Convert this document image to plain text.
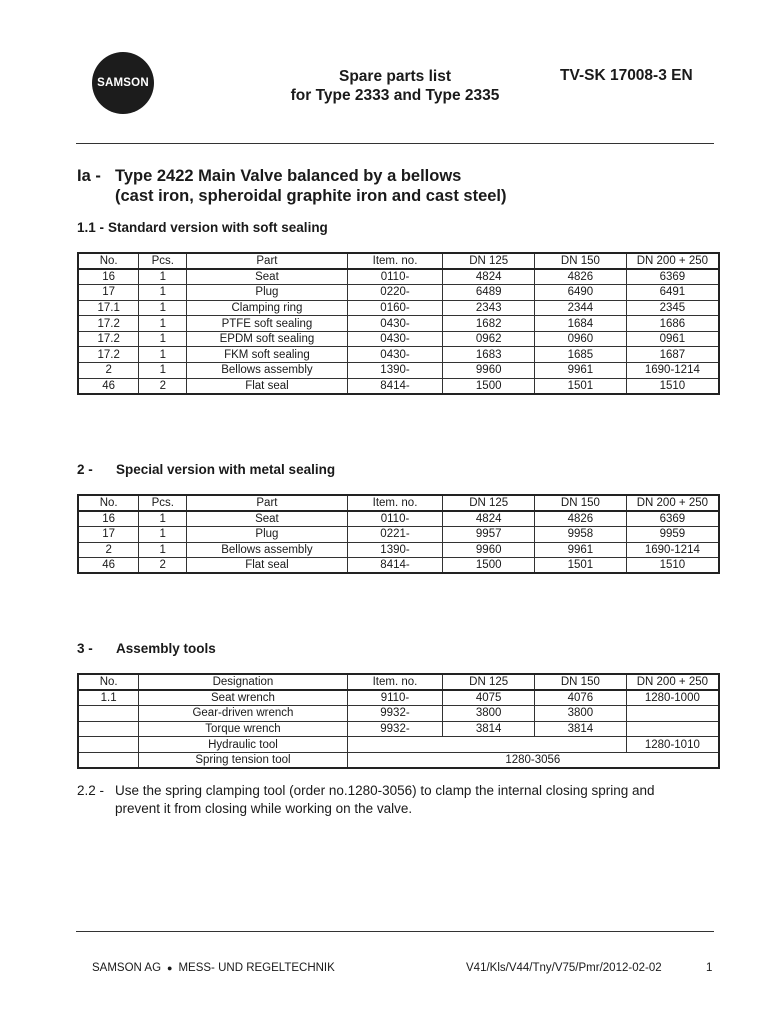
SAMSON	Spare parts list
for Type 2333 and Type 2335
TV-SK 17008-3 EN
Ia - Type 2422 Main Valve balanced by a bellows
(cast iron, spheroidal graphite iron and cast steel)
1.1 - Standard version with soft sealing
No.	Pcs.	Part	Item. no.	DN 125	DN 150	DN 200 + 250
16	1	Seat	0110-	4824	4826	6369
17	1	Plug	0220-	6489	6490	6491
17.1	1	Clamping ring	0160-	2343	2344	2345
17.2	1	PTFE soft sealing	0430-	1682	1684	1686
17.2	1	EPDM soft sealing	0430-	0962	0960	0961
17.2	1	FKM soft sealing	0430-	1683	1685	1687
2	1	Bellows assembly	1390-	9960	9961	1690-1214
46	2	Flat seal	8414-	1500	1501	1510
2 - Special version with metal sealing
No.	Pcs.	Part	Item. no.	DN 125	DN 150	DN 200 + 250
16	1	Seat	0110-	4824	4826	6369
17	1	Plug	0221-	9957	9958	9959
2	1	Bellows assembly	1390-	9960	9961	1690-1214
46	2	Flat seal	8414-	1500	1501	1510
3 - Assembly tools
No.	Designation	Item. no.	DN 125	DN 150	DN 200 + 250
1.1	Seat wrench	9110-	4075	4076	1280-1000
	Gear-driven wrench	9932-	3800	3800	
	Torque wrench	9932-	3814	3814	
	Hydraulic tool				1280-1010
	Spring tension tool	1280-3056			
2.2 - Use the spring clamping tool (order no.1280-3056) to clamp the internal closing spring and
prevent it from closing while working on the valve.
SAMSON AG ● MESS- UND REGELTECHNIK	V41/Kls/V44/Tny/V75/Pmr/2012-02-02	1
